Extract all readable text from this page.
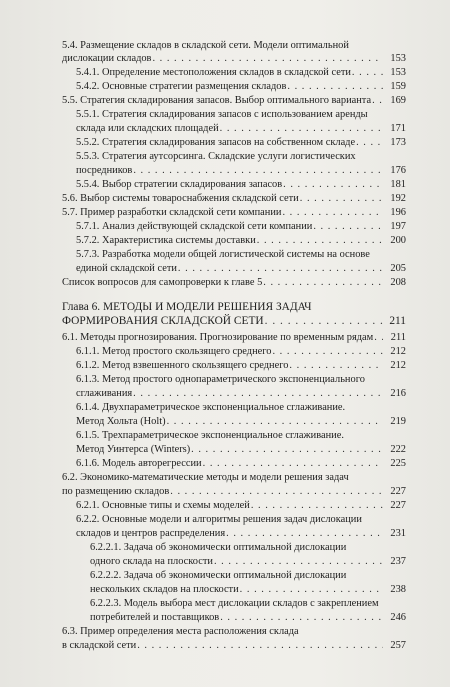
5.4. Размещение складов в складской сети. Модели оптимальной
дислокации складов . . .	153
5.4.1. Определение местоположения складов в складской сети . . .	153
5.4.2. Основные стратегии размещения складов . . .	159
5.5. Стратегия складирования запасов. Выбор оптимального варианта . . .	169
5.5.1. Стратегия складирования запасов с использованием аренды
склада или складских площадей . . .	171
5.5.2. Стратегия складирования запасов на собственном складе . . .	173
5.5.3. Стратегия аутсорсинга. Складские услуги логистических
посредников . . .	176
5.5.4. Выбор стратегии складирования запасов . . .	181
5.6. Выбор системы товароснабжения складской сети . . .	192
5.7. Пример разработки складской сети компании . . .	196
5.7.1. Анализ действующей складской сети компании . . .	197
5.7.2. Характеристика системы доставки . . .	200
5.7.3. Разработка модели общей логистической системы на основе
единой складской сети . . .	205
Список вопросов для самопроверки к главе 5 . . .	208
Глава 6. МЕТОДЫ И МОДЕЛИ РЕШЕНИЯ ЗАДАЧ
ФОРМИРОВАНИЯ СКЛАДСКОЙ СЕТИ . . .	211
6.1. Методы прогнозирования. Прогнозирование по временным рядам . . .	211
6.1.1. Метод простого скользящего среднего . . .	212
6.1.2. Метод взвешенного скользящего среднего . . .	212
6.1.3. Метод простого однопараметрического экспоненциального
сглаживания . . .	216
6.1.4. Двухпараметрическое экспоненциальное сглаживание.
Метод Хольта (Holt) . . .	219
6.1.5. Трехпараметрическое экспоненциальное сглаживание.
Метод Уинтерса (Winters) . . .	222
6.1.6. Модель авторегрессии . . .	225
6.2. Экономико-математические методы и модели решения задач
по размещению складов . . .	227
6.2.1. Основные типы и схемы моделей . . .	227
6.2.2. Основные модели и алгоритмы решения задач дислокации
складов и центров распределения . . .	231
6.2.2.1. Задача об экономически оптимальной дислокации
одного склада на плоскости . . .	237
6.2.2.2. Задача об экономически оптимальной дислокации
нескольких складов на плоскости . . .	238
6.2.2.3. Модель выбора мест дислокации складов с закреплением
потребителей и поставщиков . . .	246
6.3. Пример определения места расположения склада
в складской сети . . .	257
